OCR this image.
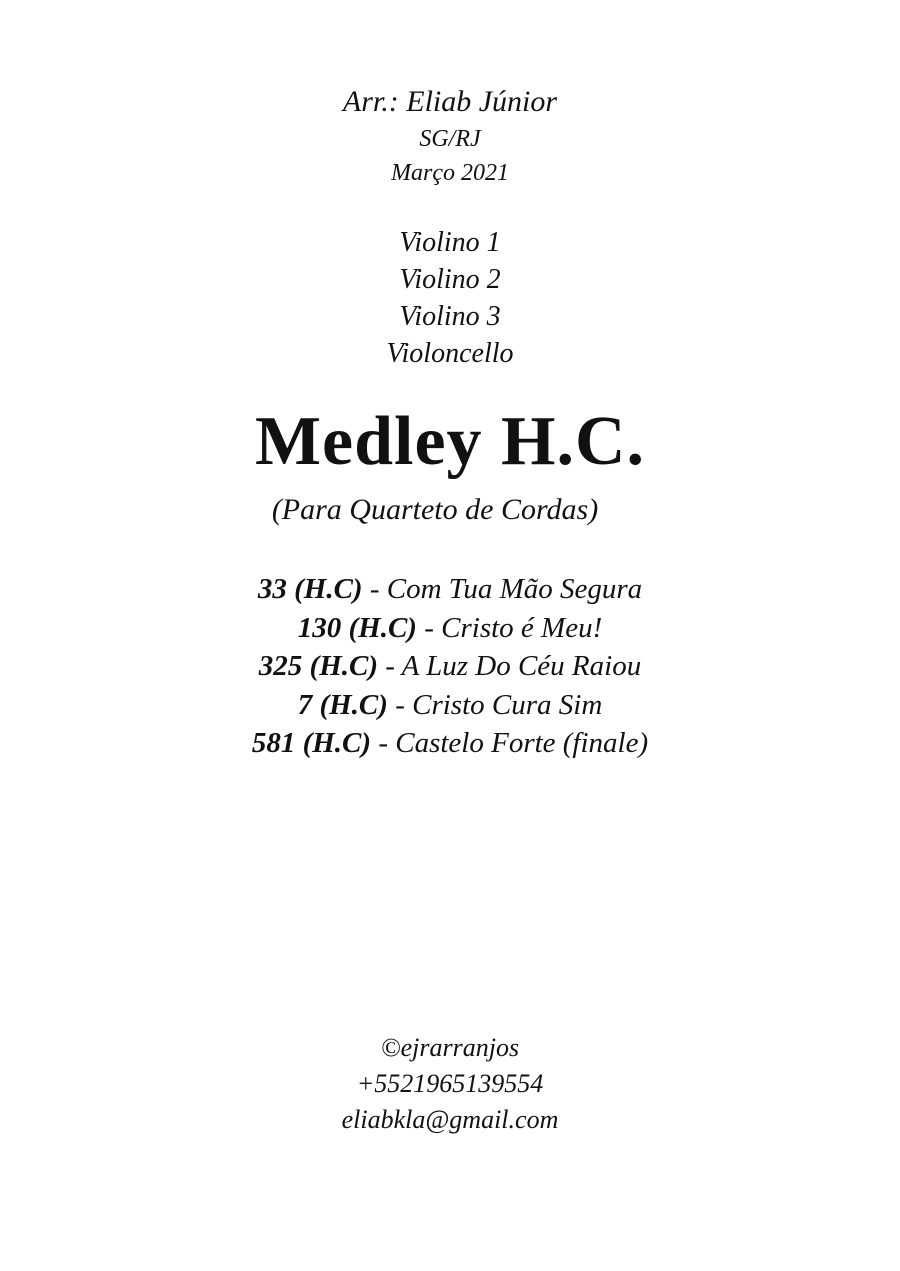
Arr.: Eliab Júnior
SG/RJ
Março 2021
Violino 1
Violino 2
Violino 3
Violoncello
Medley H.C.
(Para Quarteto de Cordas)
33 (H.C) - Com Tua Mão Segura
130 (H.C) - Cristo é Meu!
325 (H.C) - A Luz Do Céu Raiou
7 (H.C) - Cristo Cura Sim
581 (H.C) - Castelo Forte (finale)
©ejrarranjos
+5521965139554
eliabkla@gmail.com
